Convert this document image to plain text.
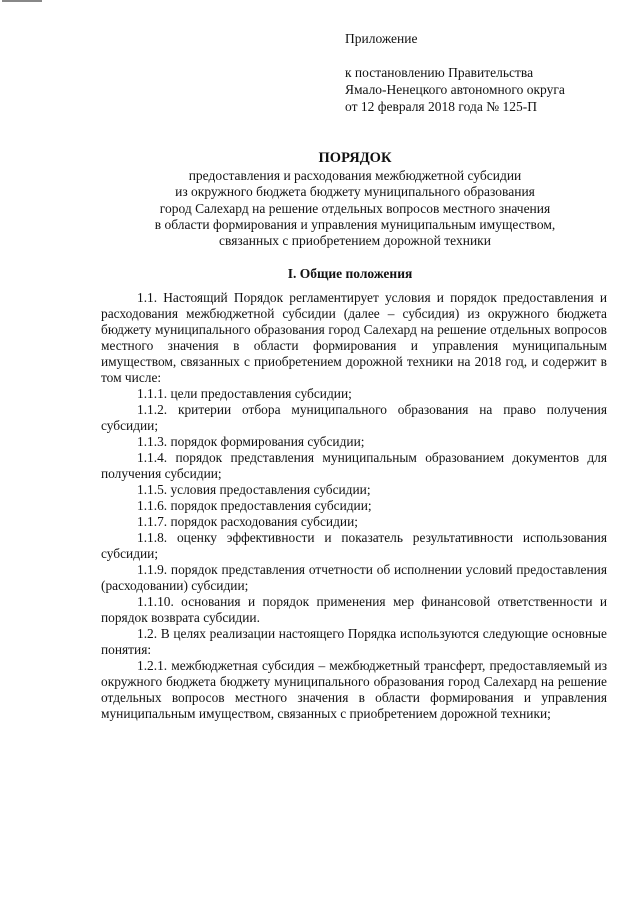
Приложение
к постановлению Правительства
Ямало-Ненецкого автономного округа
от 12 февраля 2018 года № 125-П
ПОРЯДОК
предоставления и расходования межбюджетной субсидии
из окружного бюджета бюджету муниципального образования
город Салехард на решение отдельных вопросов местного значения
в области формирования и управления муниципальным имуществом,
связанных с приобретением дорожной техники
I. Общие положения

1.1. Настоящий Порядок регламентирует условия и порядок предоставления и расходования межбюджетной субсидии (далее – субсидия) из окружного бюджета бюджету муниципального образования город Салехард на решение отдельных вопросов местного значения в области формирования и управления муниципальным имуществом, связанных с приобретением дорожной техники на 2018 год, и содержит в том числе:

1.1.1. цели предоставления субсидии;

1.1.2. критерии отбора муниципального образования на право получения субсидии;

1.1.3. порядок формирования субсидии;

1.1.4. порядок представления муниципальным образованием документов для получения субсидии;

1.1.5. условия предоставления субсидии;

1.1.6. порядок предоставления субсидии;

1.1.7. порядок расходования субсидии;

1.1.8. оценку эффективности и показатель результативности использования субсидии;

1.1.9. порядок представления отчетности об исполнении условий предоставления (расходовании) субсидии;

1.1.10. основания и порядок применения мер финансовой ответственности и порядок возврата субсидии.

1.2. В целях реализации настоящего Порядка используются следующие основные понятия:

1.2.1. межбюджетная субсидия – межбюджетный трансферт, предоставляемый из окружного бюджета бюджету муниципального образования город Салехард на решение отдельных вопросов местного значения в области формирования и управления муниципальным имуществом, связанных с приобретением дорожной техники;
